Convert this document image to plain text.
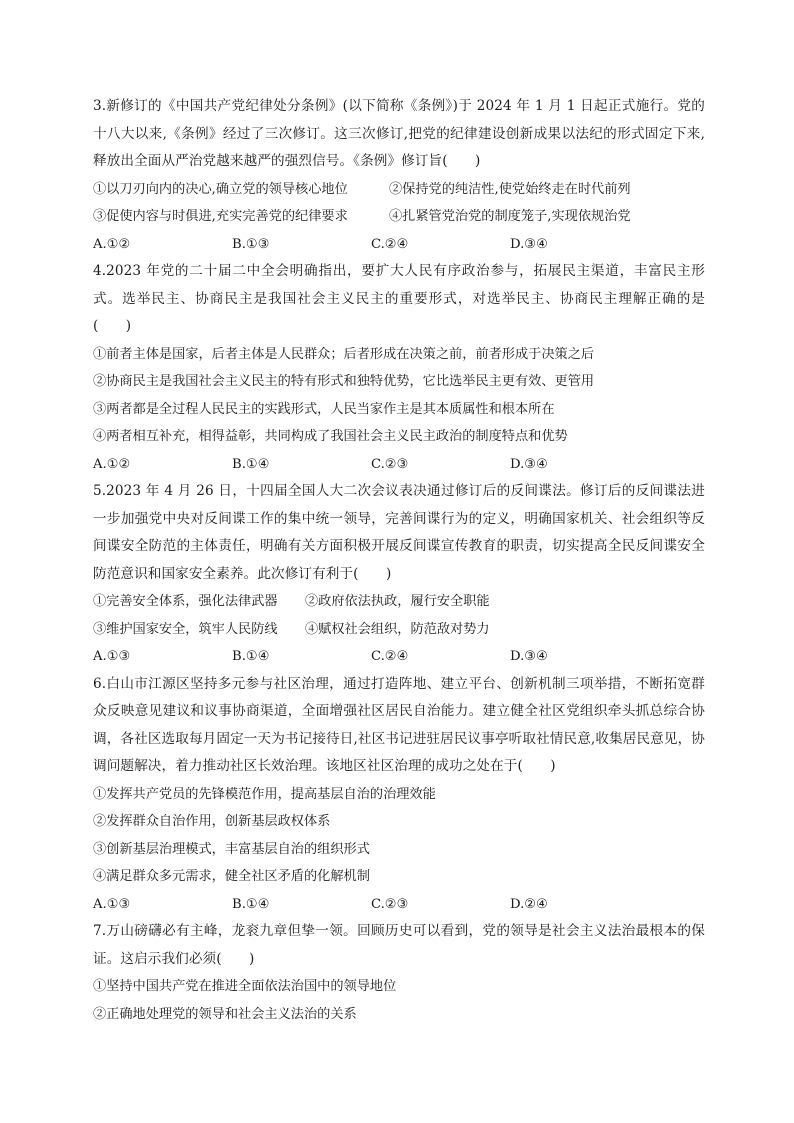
3.新修订的《中国共产党纪律处分条例》(以下简称《条例》)于 2024 年 1 月 1 日起正式施行。党的十八大以来,《条例》经过了三次修订。这三次修订,把党的纪律建设创新成果以法纪的形式固定下来,释放出全面从严治党越来越严的强烈信号。《条例》修订旨(　　)

①以刀刃向内的决心,确立党的领导核心地位	②保持党的纯洁性,使党始终走在时代前列
③促使内容与时俱进,充实完善党的纪律要求	④扎紧管党治党的制度笼子,实现依规治党
A.①②	B.①③	C.②④	D.③④

4.2023 年党的二十届二中全会明确指出，要扩大人民有序政治参与，拓展民主渠道，丰富民主形式。选举民主、协商民主是我国社会主义民主的重要形式，对选举民主、协商民主理解正确的是(　　)

①前者主体是国家，后者主体是人民群众；后者形成在决策之前，前者形成于决策之后

②协商民主是我国社会主义民主的特有形式和独特优势，它比选举民主更有效、更管用

③两者都是全过程人民民主的实践形式，人民当家作主是其本质属性和根本所在

④两者相互补充，相得益彰，共同构成了我国社会主义民主政治的制度特点和优势

A.①②	B.①④	C.②③	D.③④

5.2023 年 4 月 26 日，十四届全国人大二次会议表决通过修订后的反间谍法。修订后的反间谍法进一步加强党中央对反间谍工作的集中统一领导，完善间谍行为的定义，明确国家机关、社会组织等反间谍安全防范的主体责任，明确有关方面积极开展反间谍宣传教育的职责，切实提高全民反间谍安全防范意识和国家安全素养。此次修订有利于(　　)

①完善安全体系，强化法律武器	②政府依法执政，履行安全职能
③维护国家安全，筑牢人民防线	④赋权社会组织，防范敌对势力
A.①③	B.①④	C.②④	D.③④

6.白山市江源区坚持多元参与社区治理，通过打造阵地、建立平台、创新机制三项举措，不断拓宽群众反映意见建议和议事协商渠道，全面增强社区居民自治能力。建立健全社区党组织牵头抓总综合协调，各社区选取每月固定一天为书记接待日,社区书记进驻居民议事亭听取社情民意,收集居民意见，协调问题解决，着力推动社区长效治理。该地区社区治理的成功之处在于(　　)

①发挥共产党员的先锋模范作用，提高基层自治的治理效能

②发挥群众自治作用，创新基层政权体系

③创新基层治理模式，丰富基层自治的组织形式

④满足群众多元需求，健全社区矛盾的化解机制

A.①③	B.①④	C.②③	D.②④

7.万山磅礴必有主峰，龙衮九章但挚一领。回顾历史可以看到，党的领导是社会主义法治最根本的保证。这启示我们必须(　　)

①坚持中国共产党在推进全面依法治国中的领导地位

②正确地处理党的领导和社会主义法治的关系
